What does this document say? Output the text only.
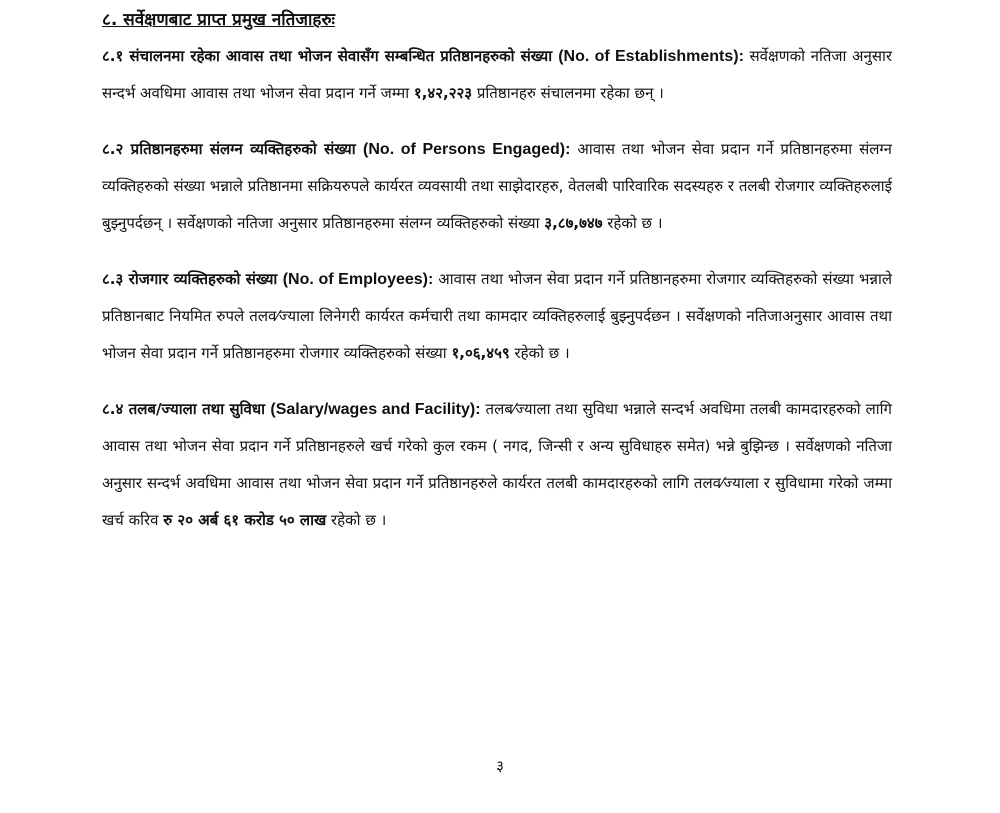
८. सर्वेक्षणबाट प्राप्त प्रमुख नतिजाहरुः

८.१ संचालनमा रहेका आवास तथा भोजन सेवासँग सम्बन्धित प्रतिष्ठानहरुको संख्या (No. of Establishments): सर्वेक्षणको नतिजा अनुसार सन्दर्भ अवधिमा आवास तथा भोजन सेवा प्रदान गर्ने जम्मा १,४२,२२३ प्रतिष्ठानहरु संचालनमा रहेका छन् ।

८.२ प्रतिष्ठानहरुमा संलग्न व्यक्तिहरुको संख्या (No. of Persons Engaged): आवास तथा भोजन सेवा प्रदान गर्ने प्रतिष्ठानहरुमा संलग्न व्यक्तिहरुको संख्या भन्नाले प्रतिष्ठानमा सक्रियरुपले कार्यरत व्यवसायी तथा साझेदारहरु, वेतलबी पारिवारिक सदस्यहरु र तलबी रोजगार व्यक्तिहरुलाई बुझ्नुपर्दछन् । सर्वेक्षणको नतिजा अनुसार प्रतिष्ठानहरुमा संलग्न व्यक्तिहरुको संख्या ३,८७,७४७ रहेको छ ।

८.३ रोजगार व्यक्तिहरुको संख्या (No. of Employees): आवास तथा भोजन सेवा प्रदान गर्ने प्रतिष्ठानहरुमा रोजगार व्यक्तिहरुको संख्या भन्नाले प्रतिष्ठानबाट नियमित रुपले तलव⁄ज्याला लिनेगरी कार्यरत कर्मचारी तथा कामदार व्यक्तिहरुलाई बुझ्नुपर्दछन । सर्वेक्षणको नतिजाअनुसार आवास तथा भोजन सेवा प्रदान गर्ने प्रतिष्ठानहरुमा रोजगार व्यक्तिहरुको संख्या १,०६,४५९ रहेको छ ।

८.४ तलब/ज्याला तथा सुविधा (Salary/wages and Facility): तलब⁄ज्याला तथा सुविधा भन्नाले सन्दर्भ अवधिमा तलबी कामदारहरुको लागि आवास तथा भोजन सेवा प्रदान गर्ने प्रतिष्ठानहरुले खर्च गरेको कुल रकम ( नगद, जिन्सी र अन्य सुविधाहरु समेत) भन्ने बुझिन्छ । सर्वेक्षणको नतिजा अनुसार सन्दर्भ अवधिमा आवास तथा भोजन सेवा प्रदान गर्ने प्रतिष्ठानहरुले कार्यरत तलबी कामदारहरुको लागि तलव⁄ज्याला र सुविधामा गरेको जम्मा खर्च करिव रु २० अर्ब ६१ करोड ५० लाख रहेको छ ।

३
